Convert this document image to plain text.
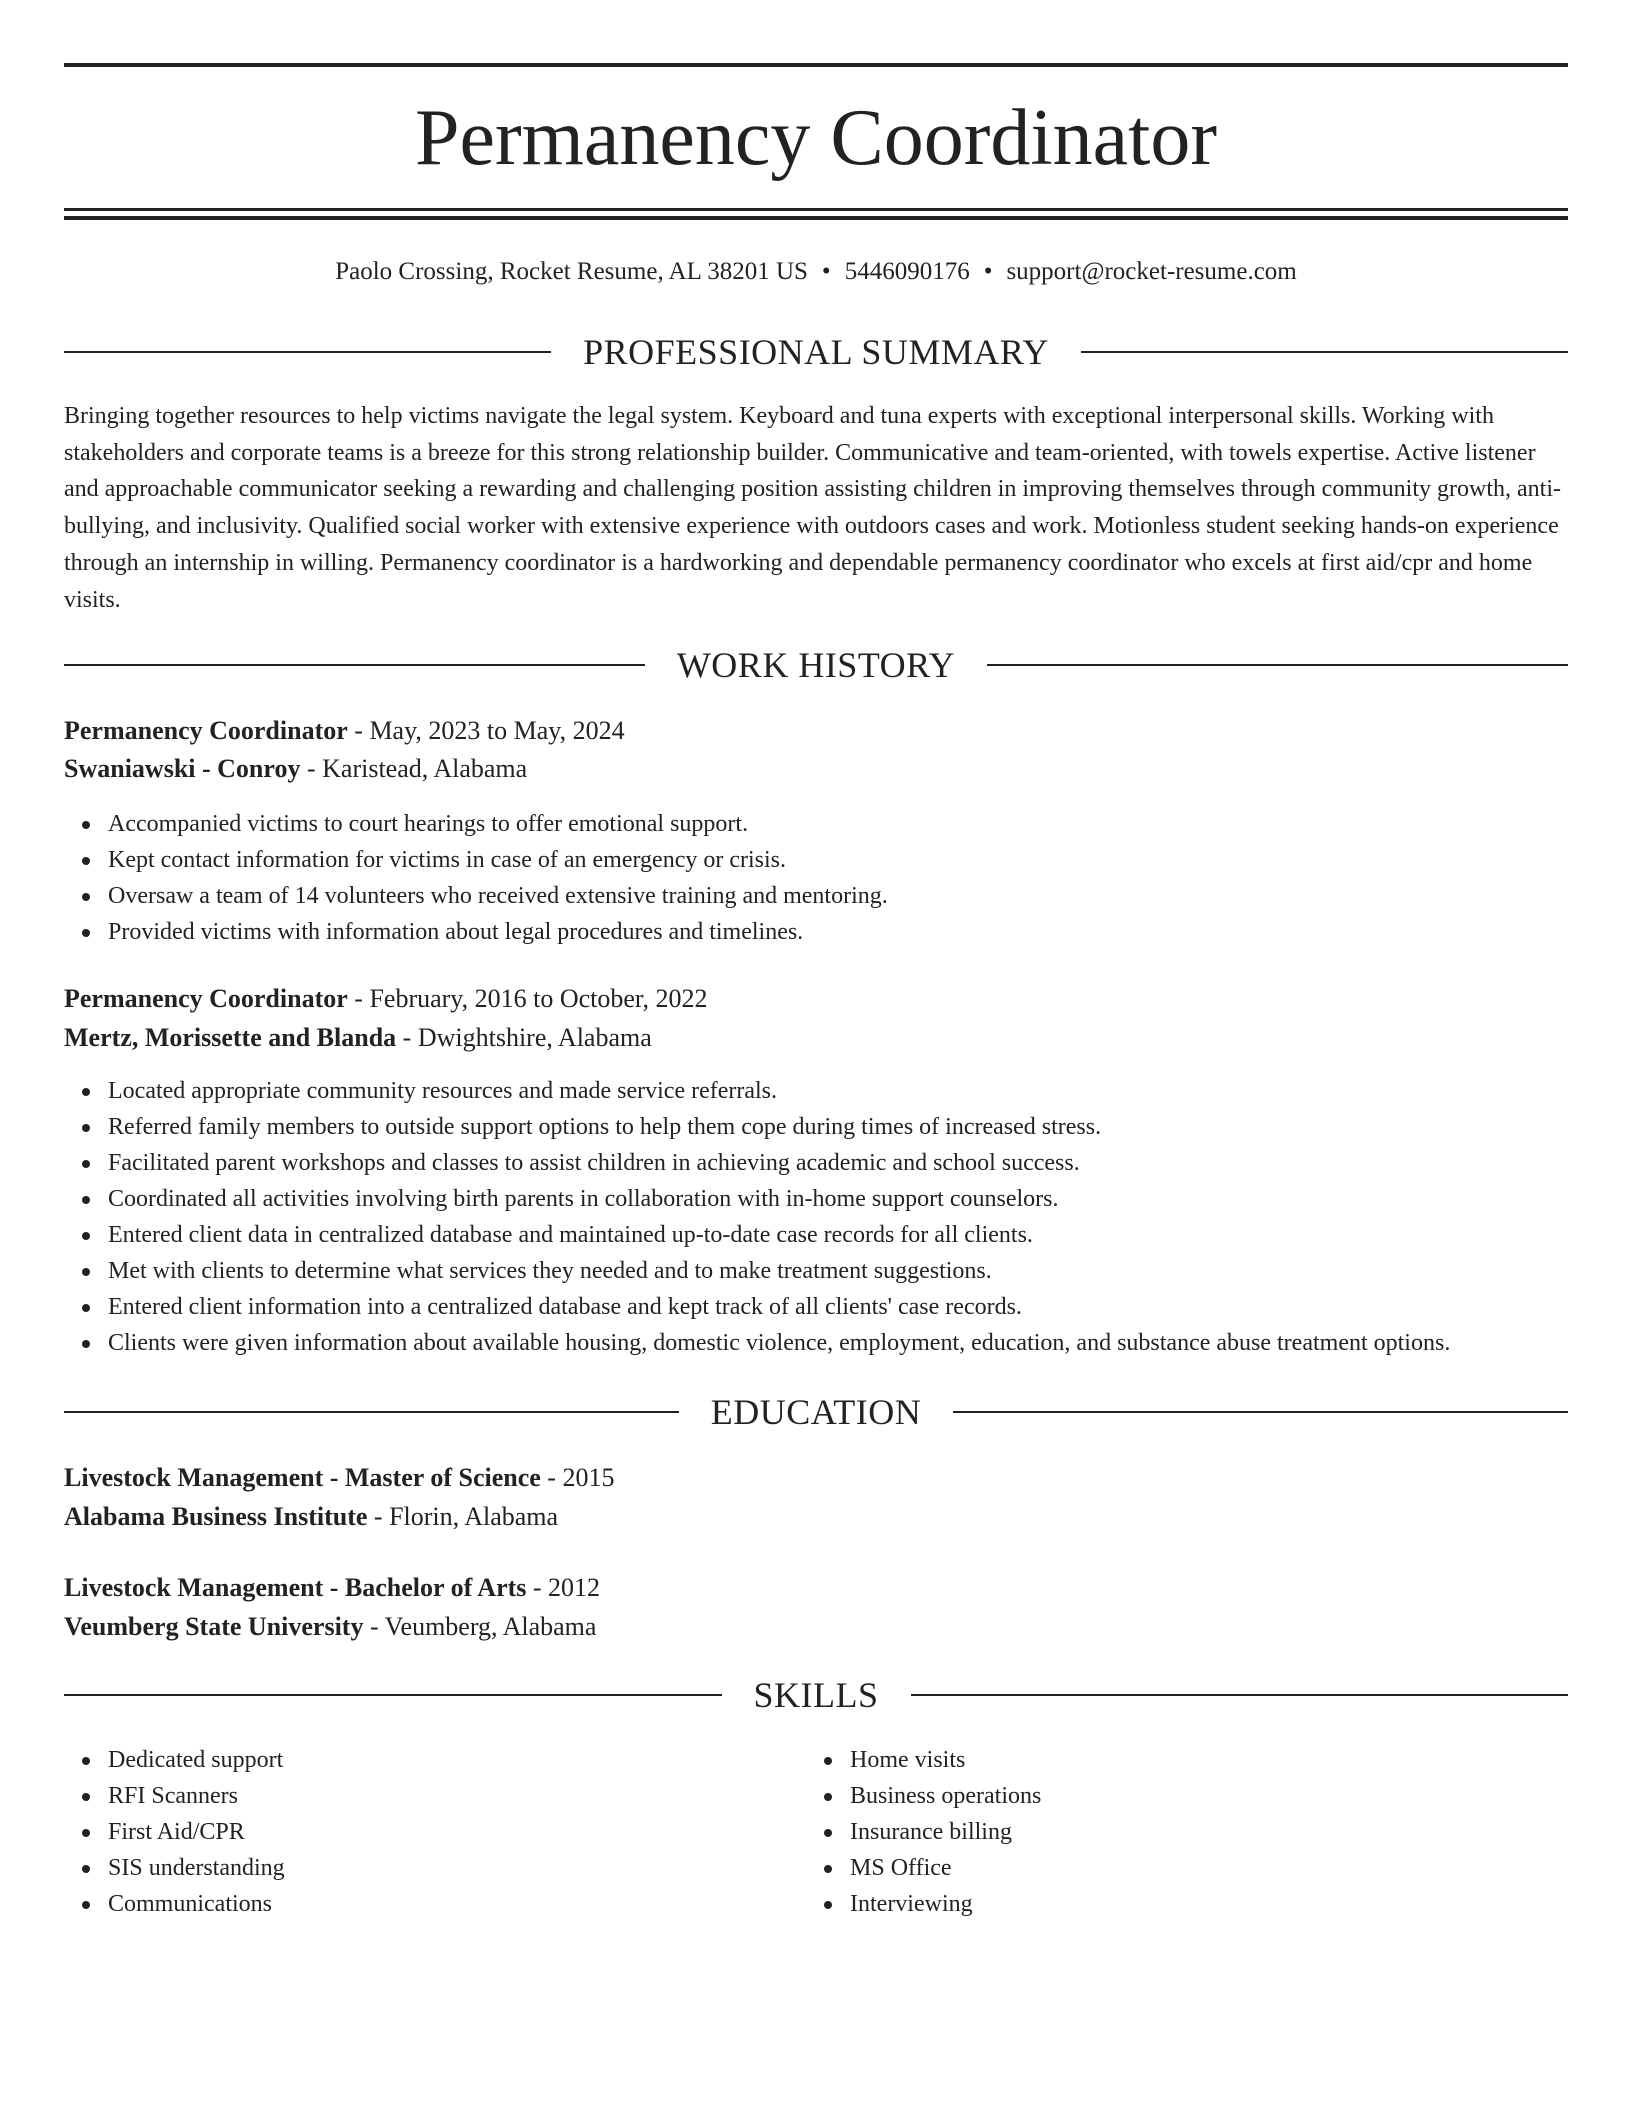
Permanency Coordinator
Paolo Crossing, Rocket Resume, AL 38201 US • 5446090176 • support@rocket-resume.com
PROFESSIONAL SUMMARY

Bringing together resources to help victims navigate the legal system. Keyboard and tuna experts with exceptional interpersonal skills. Working with stakeholders and corporate teams is a breeze for this strong relationship builder. Communicative and team-oriented, with towels expertise. Active listener and approachable communicator seeking a rewarding and challenging position assisting children in improving themselves through community growth, anti-bullying, and inclusivity. Qualified social worker with extensive experience with outdoors cases and work. Motionless student seeking hands-on experience through an internship in willing. Permanency coordinator is a hardworking and dependable permanency coordinator who excels at first aid/cpr and home visits.

WORK HISTORY
Permanency Coordinator - May, 2023 to May, 2024
Swaniawski - Conroy - Karistead, Alabama
Accompanied victims to court hearings to offer emotional support.
Kept contact information for victims in case of an emergency or crisis.
Oversaw a team of 14 volunteers who received extensive training and mentoring.
Provided victims with information about legal procedures and timelines.
Permanency Coordinator - February, 2016 to October, 2022
Mertz, Morissette and Blanda - Dwightshire, Alabama
Located appropriate community resources and made service referrals.
Referred family members to outside support options to help them cope during times of increased stress.
Facilitated parent workshops and classes to assist children in achieving academic and school success.
Coordinated all activities involving birth parents in collaboration with in-home support counselors.
Entered client data in centralized database and maintained up-to-date case records for all clients.
Met with clients to determine what services they needed and to make treatment suggestions.
Entered client information into a centralized database and kept track of all clients' case records.
Clients were given information about available housing, domestic violence, employment, education, and substance abuse treatment options.
EDUCATION
Livestock Management - Master of Science - 2015
Alabama Business Institute - Florin, Alabama
Livestock Management - Bachelor of Arts - 2012
Veumberg State University - Veumberg, Alabama
SKILLS
Dedicated support
RFI Scanners
First Aid/CPR
SIS understanding
Communications
Home visits
Business operations
Insurance billing
MS Office
Interviewing
